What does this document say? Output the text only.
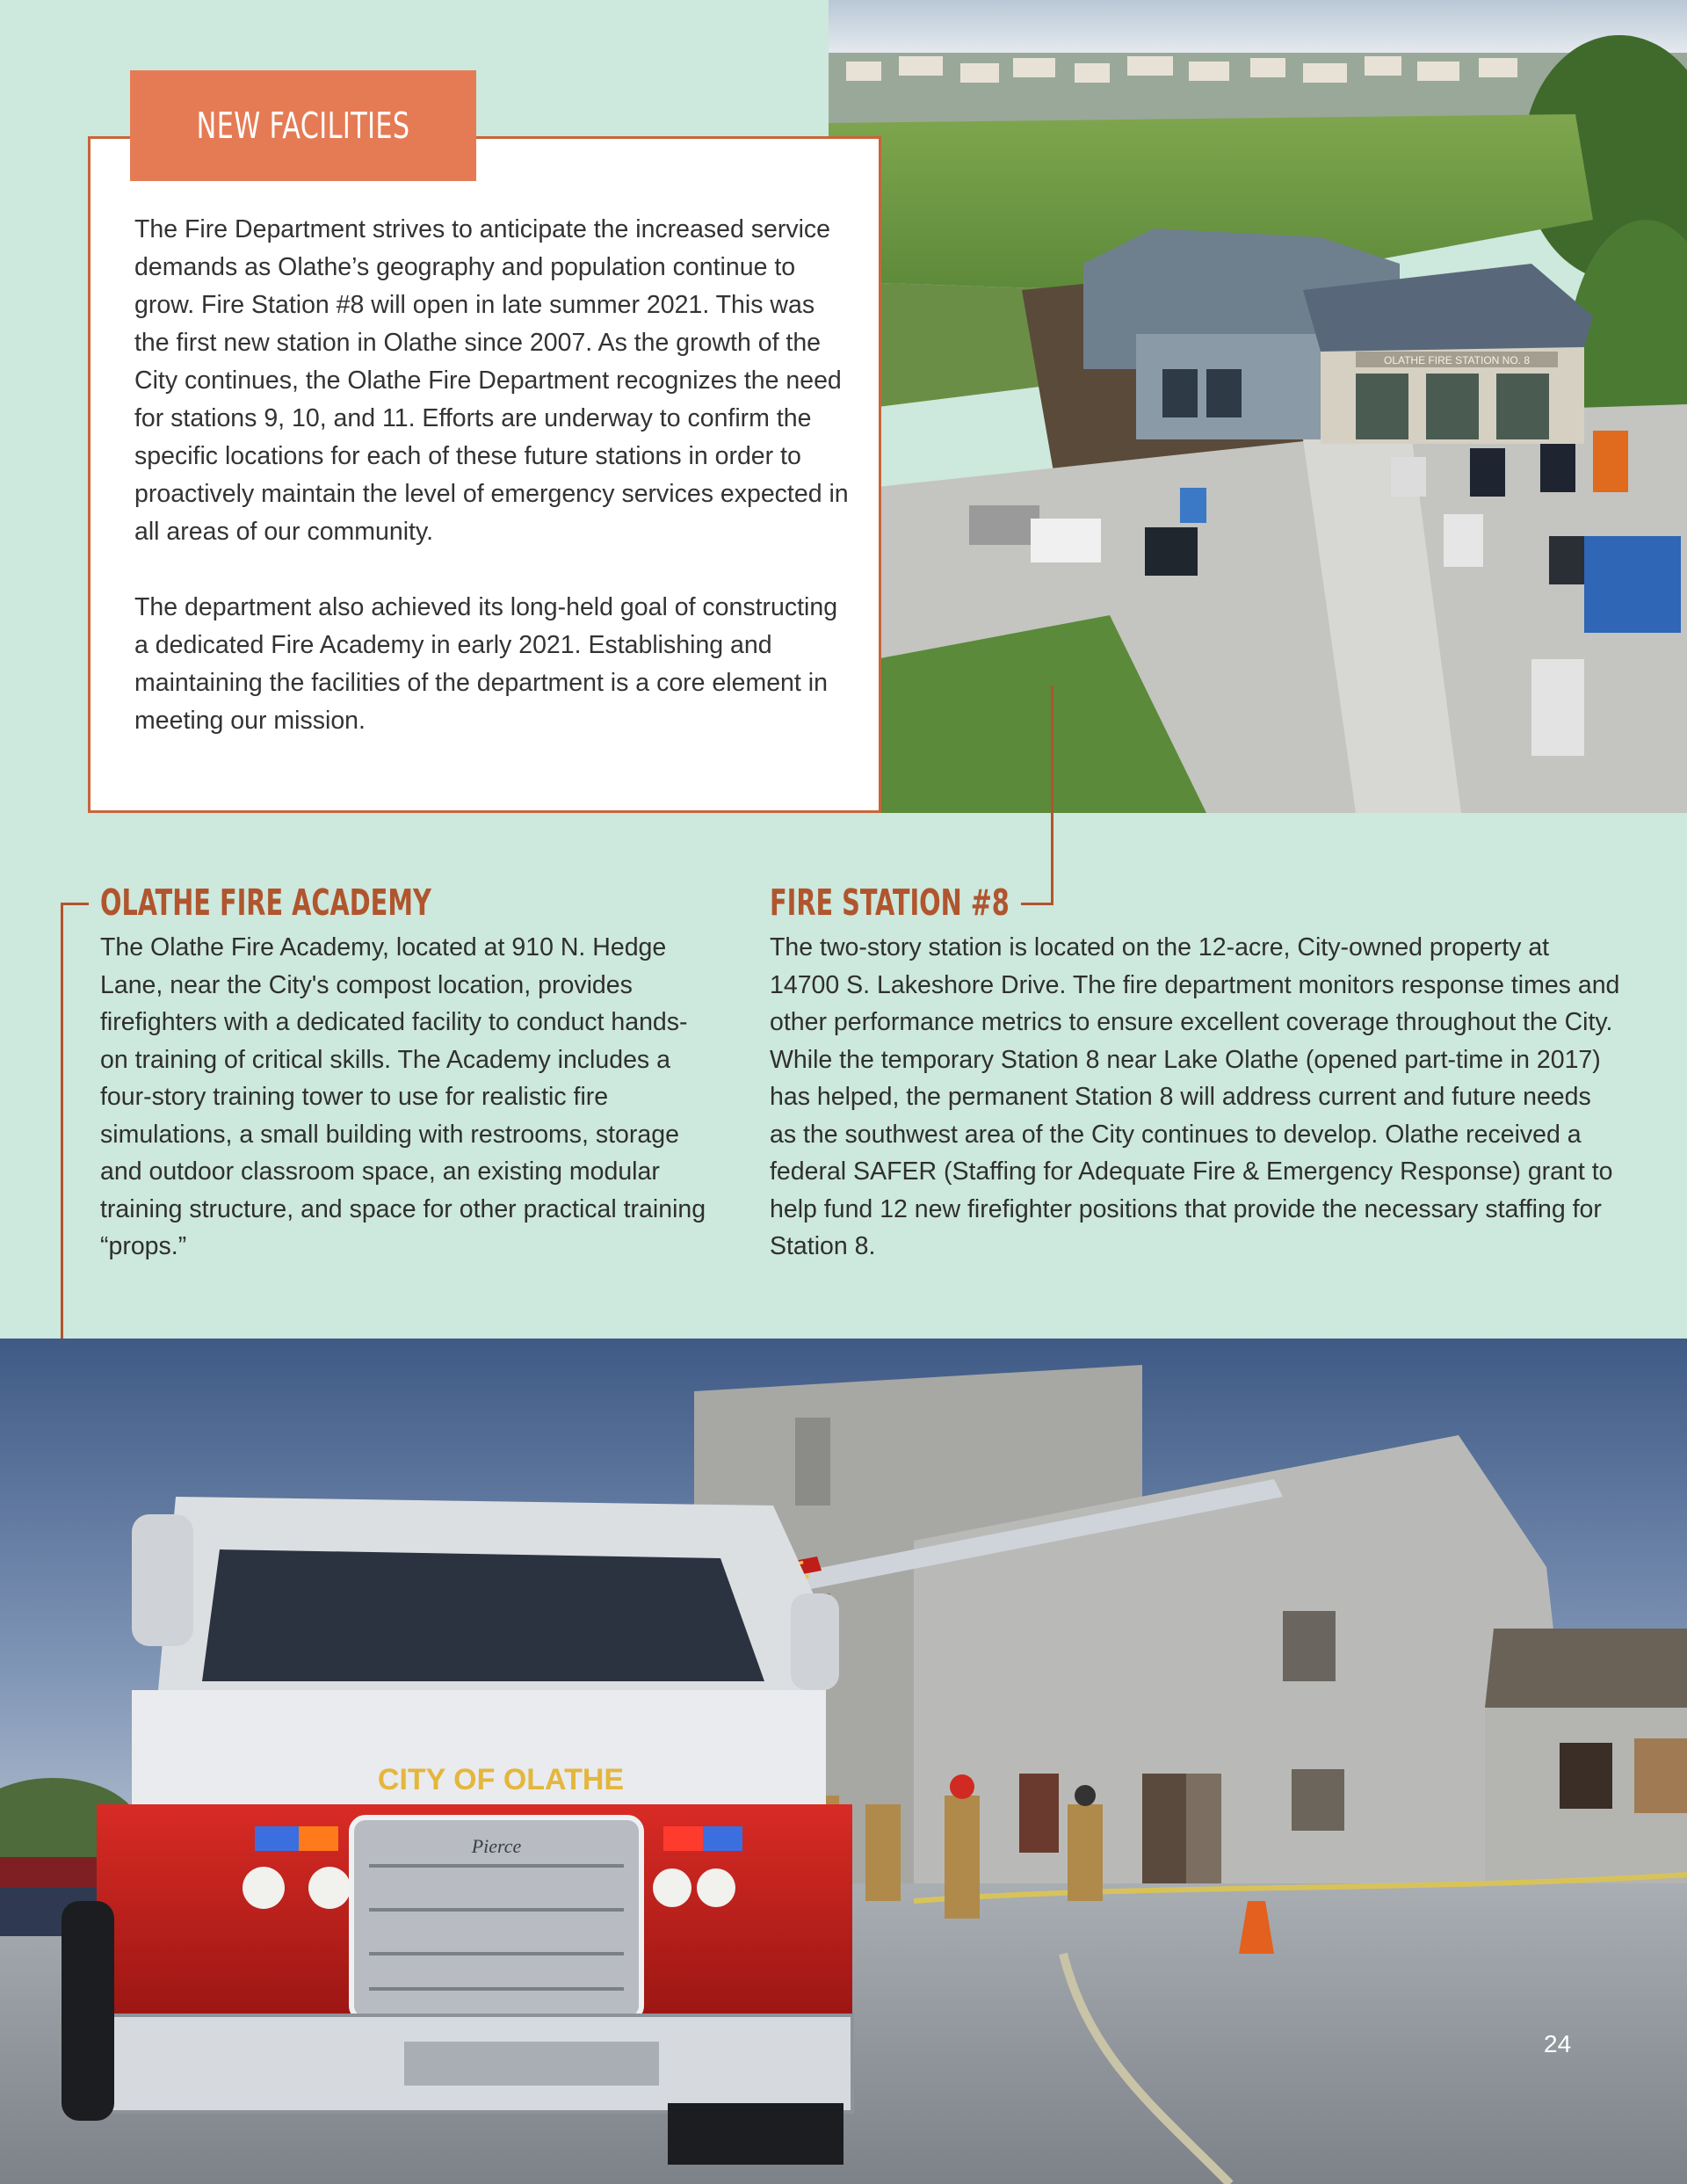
OLATHE FIRE STATION NO. 8
NEW FACILITIES

The Fire Department strives to anticipate the increased service demands as Olathe’s geography and population continue to grow. Fire Station #8 will open in late summer 2021. This was the first new station in Olathe since 2007. As the growth of the City continues, the Olathe Fire Department recognizes the need for stations 9, 10, and 11. Efforts are underway to confirm the specific locations for each of these future stations in order to proactively maintain the level of emergency services expected in all areas of our community.

The department also achieved its long-held goal of constructing a dedicated Fire Academy in early 2021. Establishing and maintaining the facilities of the department is a core element in meeting our mission.

OLATHE FIRE ACADEMY
The Olathe Fire Academy, located at 910 N. Hedge Lane, near the City's compost location, provides firefighters with a dedicated facility to conduct hands-on training of critical skills. The Academy includes a four-story training tower to use for realistic fire simulations, a small building with restrooms, storage and outdoor classroom space, an existing modular training structure, and space for other practical training “props.”
FIRE STATION #8
The two-story station is located on the 12-acre, City-owned property at 14700 S. Lakeshore Drive. The fire department monitors response times and other performance metrics to ensure excellent coverage throughout the City. While the temporary Station 8 near Lake Olathe (opened part-time in 2017) has helped, the permanent Station 8 will address current and future needs as the southwest area of the City continues to develop. Olathe received a federal SAFER (Staffing for Adequate Fire & Emergency Response) grant to help fund 12 new firefighter positions that provide the necessary staffing for Station 8.
CITY OF OLATHE
Pierce
24
